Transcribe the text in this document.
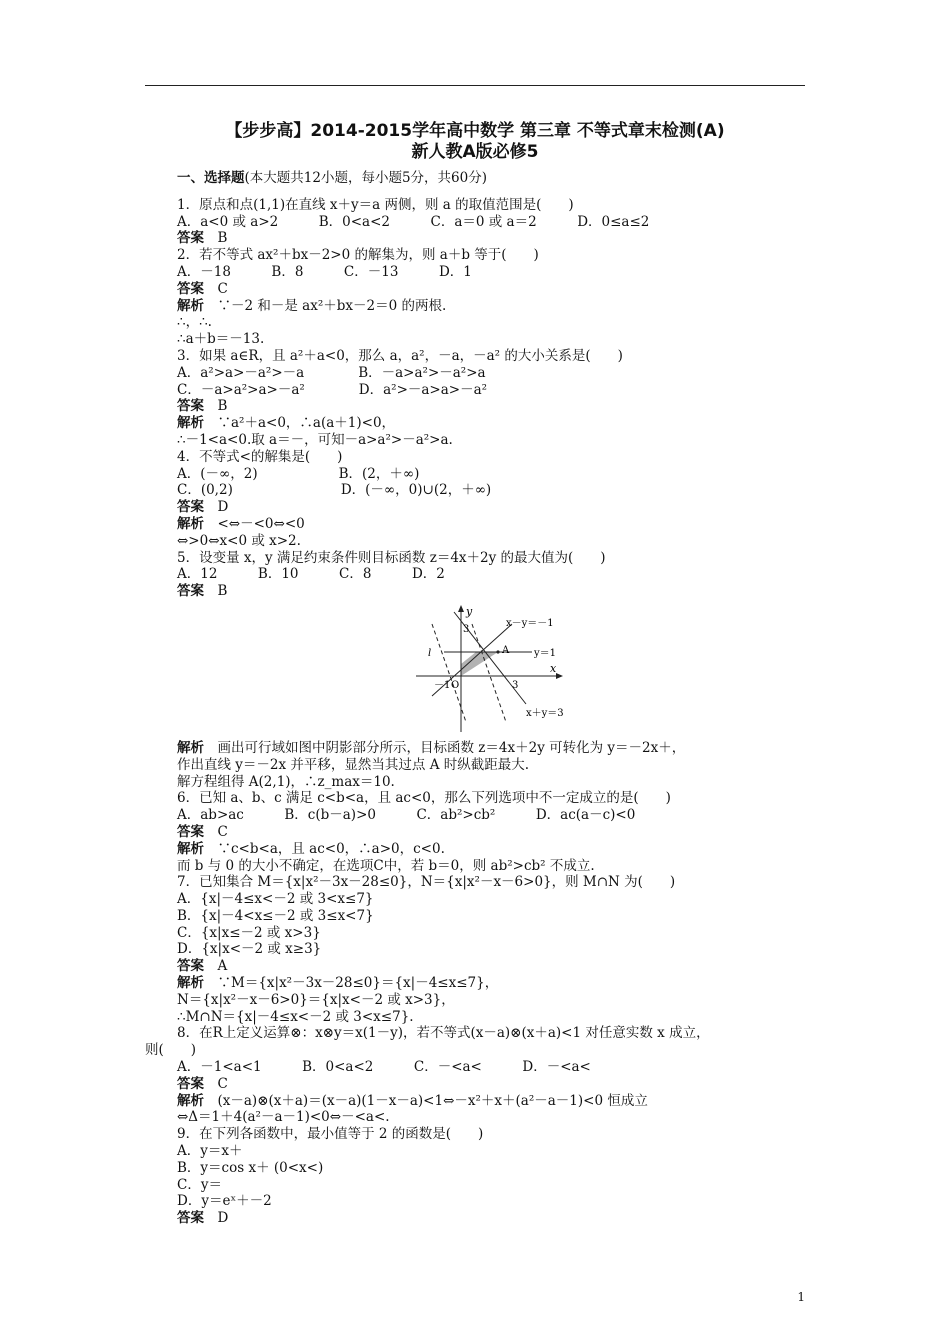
【步步高】2014-2015学年高中数学 第三章 不等式章末检测(A)
新人教A版必修5
一、选择题(本大题共12小题，每小题5分，共60分)
1．原点和点(1,1)在直线 x＋y＝a 两侧，则 a 的取值范围是(　　)
A．a<0 或 a>2　　　B．0<a<2　　　C．a＝0 或 a＝2　　　D．0≤a≤2
答案　B
2．若不等式 ax²＋bx－2>0 的解集为，则 a＋b 等于(　　)
A．－18　　　B．8　　　C．－13　　　D．1
答案　C
解析　∵－2 和－是 ax²＋bx－2＝0 的两根.
∴，∴.
∴a＋b＝－13.
3．如果 a∈R，且 a²＋a<0，那么 a，a²，－a，－a² 的大小关系是(　　)
A．a²>a>－a²>－a　　　　B．－a>a²>－a²>a
C．－a>a²>a>－a²　　　　D．a²>－a>a>－a²
答案　B
解析　∵a²＋a<0，∴a(a＋1)<0，
∴－1<a<0.取 a＝－，可知－a>a²>－a²>a.
4．不等式<的解集是(　　)
A．(－∞，2)　　　　　　B．(2，＋∞)
C．(0,2)　　　　　　　　D．(－∞，0)∪(2，＋∞)
答案　D
解析　<⇔－<0⇔<0
⇔>0⇔x<0 或 x>2.
5．设变量 x，y 满足约束条件则目标函数 z＝4x＋2y 的最大值为(　　)
A．12　　　B．10　　　C．8　　　D．2
答案　B
y
x
x－y＝－1
y＝1
x＋y＝3
A
O
3
3
－1
l
解析　画出可行域如图中阴影部分所示，目标函数 z＝4x＋2y 可转化为 y＝－2x＋，
作出直线 y＝－2x 并平移，显然当其过点 A 时纵截距最大.
解方程组得 A(2,1)，∴z_max＝10.
6．已知 a、b、c 满足 c<b<a，且 ac<0，那么下列选项中不一定成立的是(　　)
A．ab>ac　　　B．c(b－a)>0　　　C．ab²>cb²　　　D．ac(a－c)<0
答案　C
解析　∵c<b<a，且 ac<0，∴a>0，c<0.
而 b 与 0 的大小不确定，在选项C中，若 b＝0，则 ab²>cb² 不成立.
7．已知集合 M＝{x|x²－3x－28≤0}，N＝{x|x²－x－6>0}，则 M∩N 为(　　)
A．{x|－4≤x<－2 或 3<x≤7}
B．{x|－4<x≤－2 或 3≤x<7}
C．{x|x≤－2 或 x>3}
D．{x|x<－2 或 x≥3}
答案　A
解析　∵M＝{x|x²－3x－28≤0}＝{x|－4≤x≤7}，
N＝{x|x²－x－6>0}＝{x|x<－2 或 x>3}，
∴M∩N＝{x|－4≤x<－2 或 3<x≤7}.
8．在R上定义运算⊗：x⊗y＝x(1－y)，若不等式(x－a)⊗(x＋a)<1 对任意实数 x 成立，
则(　　)
A．－1<a<1　　　B．0<a<2　　　C．－<a<　　　D．－<a<
答案　C
解析　(x－a)⊗(x＋a)＝(x－a)(1－x－a)<1⇔－x²＋x＋(a²－a－1)<0 恒成立
⇔Δ＝1＋4(a²－a－1)<0⇔－<a<.
9．在下列各函数中，最小值等于 2 的函数是(　　)
A．y＝x＋
B．y＝cos x＋ (0<x<)
C．y＝
D．y＝eˣ＋－2
答案　D
1
